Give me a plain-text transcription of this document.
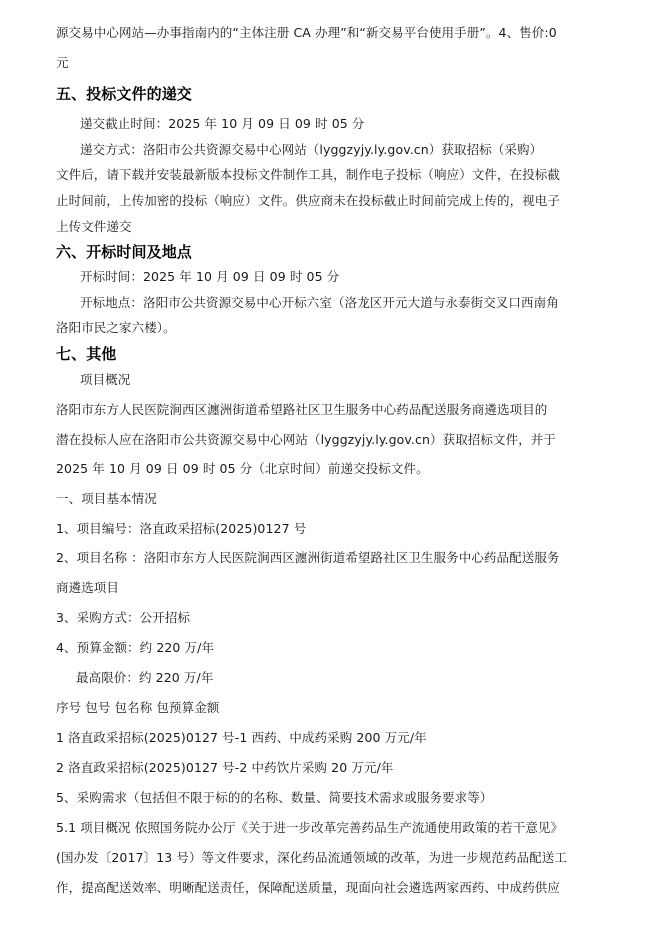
源交易中心网站—办事指南内的“主体注册 CA 办理”和“新交易平台使用手册”。4、售价:0
元
五、投标文件的递交
递交截止时间：2025 年 10 月 09 日 09 时 05 分
递交方式：洛阳市公共资源交易中心网站（lyggzyjy.ly.gov.cn）获取招标（采购）
文件后，请下载并安装最新版本投标文件制作工具，制作电子投标（响应）文件，在投标截
止时间前，上传加密的投标（响应）文件。供应商未在投标截止时间前完成上传的，视电子
上传文件递交
六、开标时间及地点
开标时间：2025 年 10 月 09 日 09 时 05 分
开标地点：洛阳市公共资源交易中心开标六室（洛龙区开元大道与永泰街交叉口西南角
洛阳市民之家六楼）。
七、其他
项目概况
洛阳市东方人民医院涧西区瀍洲街道希望路社区卫生服务中心药品配送服务商遴选项目的
潜在投标人应在洛阳市公共资源交易中心网站（lyggzyjy.ly.gov.cn）获取招标文件，并于
2025 年 10 月 09 日 09 时 05 分（北京时间）前递交投标文件。
一、项目基本情况
1、项目编号：洛直政采招标(2025)0127 号
2、项目名称 ：洛阳市东方人民医院涧西区瀍洲街道希望路社区卫生服务中心药品配送服务
商遴选项目
3、采购方式：公开招标
4、预算金额：约 220 万/年
最高限价：约 220 万/年
序号 包号 包名称 包预算金额
1 洛直政采招标(2025)0127 号-1 西药、中成药采购 200 万元/年
2 洛直政采招标(2025)0127 号-2 中药饮片采购 20 万元/年
5、采购需求（包括但不限于标的的名称、数量、简要技术需求或服务要求等）
5.1 项目概况 依照国务院办公厅《关于进一步改革完善药品生产流通使用政策的若干意见》
(国办发〔2017〕13 号）等文件要求，深化药品流通领域的改革，为进一步规范药品配送工
作，提高配送效率、明晰配送责任，保障配送质量，现面向社会遴选两家西药、中成药供应
